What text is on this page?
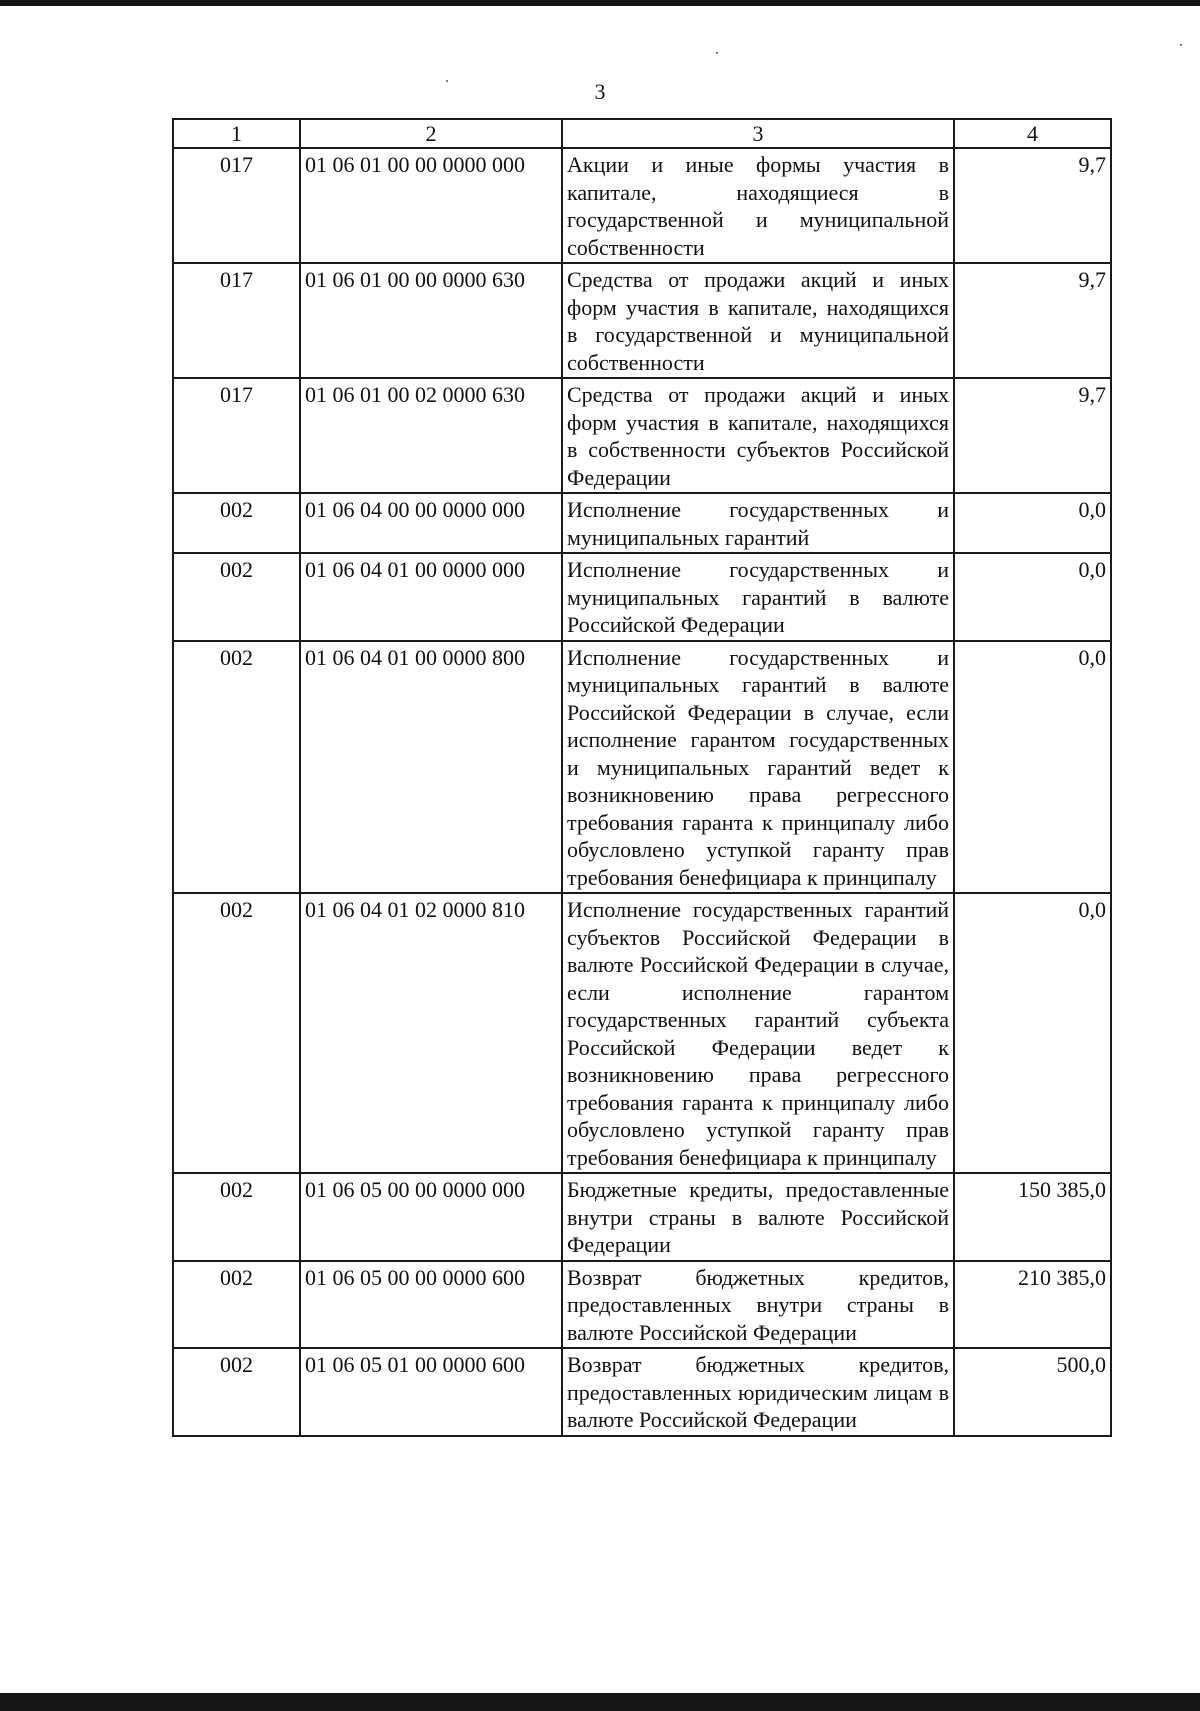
3
1	2	3	4
017	01 06 01 00 00 0000 000	Акции и иные формы участия в капитале, находящиеся в государственной и муниципальной собственности	9,7
017	01 06 01 00 00 0000 630	Средства от продажи акций и иных форм участия в капитале, находящихся в государственной и муниципальной собственности	9,7
017	01 06 01 00 02 0000 630	Средства от продажи акций и иных форм участия в капитале, находящихся в собственности субъектов Российской Федерации	9,7
002	01 06 04 00 00 0000 000	Исполнение государственных и муниципальных гарантий	0,0
002	01 06 04 01 00 0000 000	Исполнение государственных и муниципальных гарантий в валюте Российской Федерации	0,0
002	01 06 04 01 00 0000 800	Исполнение государственных и муниципальных гарантий в валюте Российской Федерации в случае, если исполнение гарантом государственных и муниципальных гарантий ведет к возникновению права регрессного требования гаранта к принципалу либо обусловлено уступкой гаранту прав требования бенефициара к принципалу	0,0
002	01 06 04 01 02 0000 810	Исполнение государственных гарантий субъектов Российской Федерации в валюте Российской Федерации в случае, если исполнение гарантом государственных гарантий субъекта Российской Федерации ведет к возникновению права регрессного требования гаранта к принципалу либо обусловлено уступкой гаранту прав требования бенефициара к принципалу	0,0
002	01 06 05 00 00 0000 000	Бюджетные кредиты, предоставленные внутри страны в валюте Российской Федерации	150 385,0
002	01 06 05 00 00 0000 600	Возврат бюджетных кредитов, предоставленных внутри страны в валюте Российской Федерации	210 385,0
002	01 06 05 01 00 0000 600	Возврат бюджетных кредитов, предоставленных юридическим лицам в валюте Российской Федерации	500,0
